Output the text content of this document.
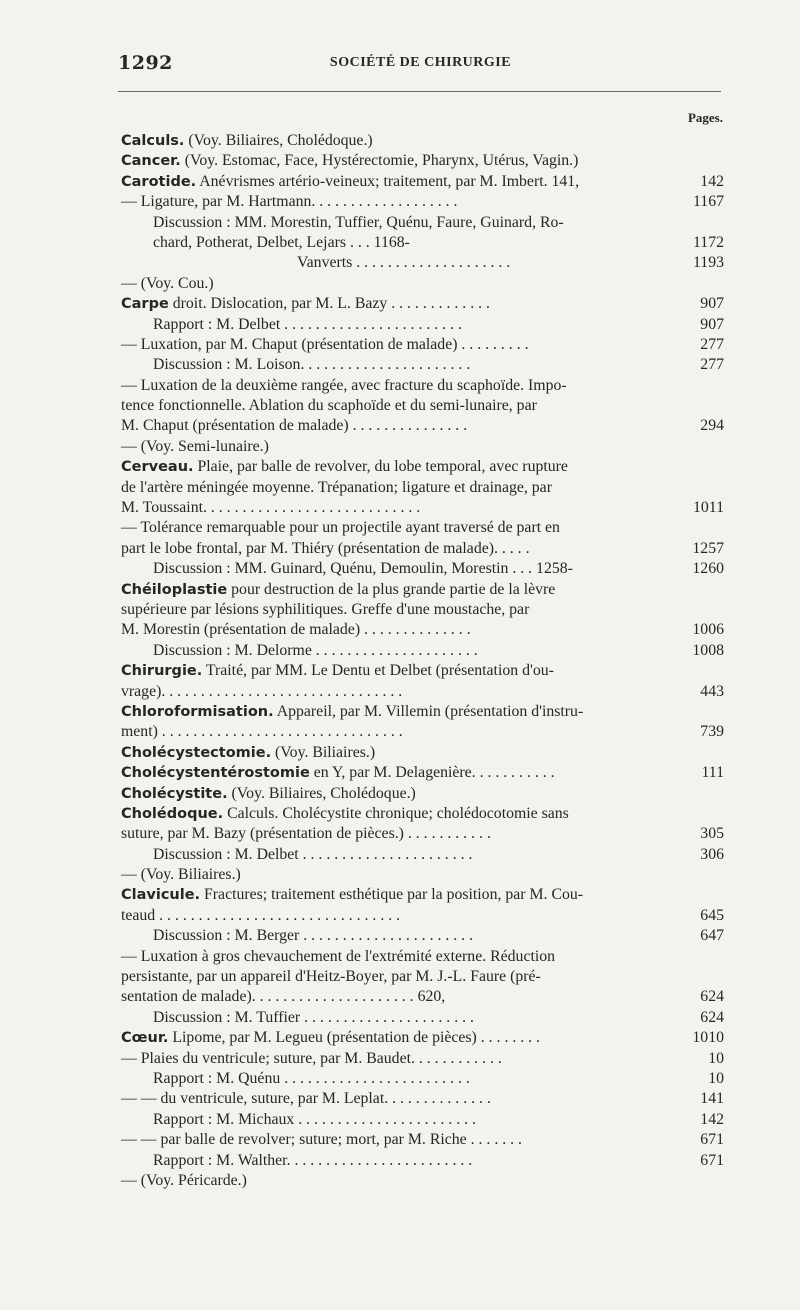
1292	SOCIÉTÉ DE CHIRURGIE
Pages.
Calculs. (Voy. Biliaires, Cholédoque.)
Cancer. (Voy. Estomac, Face, Hystérectomie, Pharynx, Utérus, Vagin.)
Carotide. Anévrismes artério-veineux; traitement, par M. Imbert. 141,	142
— Ligature, par M. Hartmann. . . . . . . . . . . . . . . . . . .	1167
Discussion : MM. Morestin, Tuffier, Quénu, Faure, Guinard, Ro-
chard, Potherat, Delbet, Lejars . . . 1168-	1172
Vanverts . . . . . . . . . . . . . . . . . . . .	1193
— (Voy. Cou.)
Carpe droit. Dislocation, par M. L. Bazy . . . . . . . . . . . . .	907
Rapport : M. Delbet . . . . . . . . . . . . . . . . . . . . . . .	907
— Luxation, par M. Chaput (présentation de malade) . . . . . . . . .	277
Discussion : M. Loison. . . . . . . . . . . . . . . . . . . . . .	277
— Luxation de la deuxième rangée, avec fracture du scaphoïde. Impo-
tence fonctionnelle. Ablation du scaphoïde et du semi-lunaire, par
M. Chaput (présentation de malade) . . . . . . . . . . . . . . .	294
— (Voy. Semi-lunaire.)
Cerveau. Plaie, par balle de revolver, du lobe temporal, avec rupture
de l'artère méningée moyenne. Trépanation; ligature et drainage, par
M. Toussaint. . . . . . . . . . . . . . . . . . . . . . . . . . . .	1011
— Tolérance remarquable pour un projectile ayant traversé de part en
part le lobe frontal, par M. Thiéry (présentation de malade). . . . .	1257
Discussion : MM. Guinard, Quénu, Demoulin, Morestin . . . 1258-	1260
Chéiloplastie pour destruction de la plus grande partie de la lèvre
supérieure par lésions syphilitiques. Greffe d'une moustache, par
M. Morestin (présentation de malade) . . . . . . . . . . . . . .	1006
Discussion : M. Delorme . . . . . . . . . . . . . . . . . . . . .	1008
Chirurgie. Traité, par MM. Le Dentu et Delbet (présentation d'ou-
vrage). . . . . . . . . . . . . . . . . . . . . . . . . . . . . . .	443
Chloroformisation. Appareil, par M. Villemin (présentation d'instru-
ment) . . . . . . . . . . . . . . . . . . . . . . . . . . . . . . .	739
Cholécystectomie. (Voy. Biliaires.)
Cholécystentérostomie en Y, par M. Delagenière. . . . . . . . . . .	111
Cholécystite. (Voy. Biliaires, Cholédoque.)
Cholédoque. Calculs. Cholécystite chronique; cholédocotomie sans
suture, par M. Bazy (présentation de pièces.) . . . . . . . . . . .	305
Discussion : M. Delbet . . . . . . . . . . . . . . . . . . . . . .	306
— (Voy. Biliaires.)
Clavicule. Fractures; traitement esthétique par la position, par M. Cou-
teaud . . . . . . . . . . . . . . . . . . . . . . . . . . . . . . .	645
Discussion : M. Berger . . . . . . . . . . . . . . . . . . . . . .	647
— Luxation à gros chevauchement de l'extrémité externe. Réduction
persistante, par un appareil d'Heitz-Boyer, par M. J.-L. Faure (pré-
sentation de malade). . . . . . . . . . . . . . . . . . . . . 620,	624
Discussion : M. Tuffier . . . . . . . . . . . . . . . . . . . . . .	624
Cœur. Lipome, par M. Legueu (présentation de pièces) . . . . . . . .	1010
— Plaies du ventricule; suture, par M. Baudet. . . . . . . . . . . .	10
Rapport : M. Quénu . . . . . . . . . . . . . . . . . . . . . . . .	10
— — du ventricule, suture, par M. Leplat. . . . . . . . . . . . . .	141
Rapport : M. Michaux . . . . . . . . . . . . . . . . . . . . . . .	142
— — par balle de revolver; suture; mort, par M. Riche . . . . . . .	671
Rapport : M. Walther. . . . . . . . . . . . . . . . . . . . . . . .	671
— (Voy. Péricarde.)
